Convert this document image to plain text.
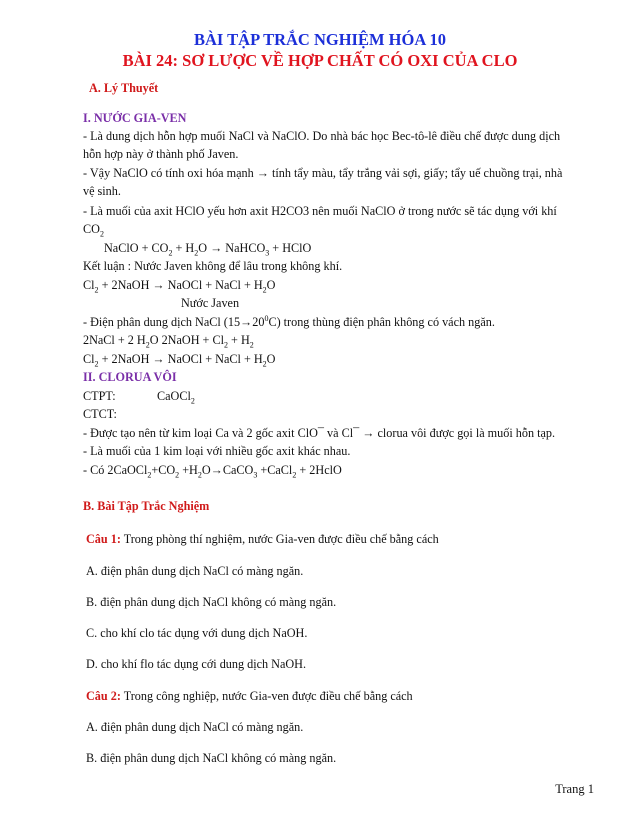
BÀI TẬP TRẮC NGHIỆM HÓA 10
BÀI 24: SƠ LƯỢC VỀ HỢP CHẤT CÓ OXI CỦA CLO
A. Lý Thuyết
I. NƯỚC GIA-VEN
- Là dung dịch hỗn hợp muối NaCl và NaClO. Do nhà bác học Bec-tô-lê điều chế được dung dịch
hỗn hợp này ở thành phố Javen.
- Vậy NaClO có tính oxi hóa mạnh → tính tẩy màu, tẩy trắng vải sợi, giấy; tẩy uế chuồng trại, nhà
vệ sinh.
- Là muối của axit HClO yếu hơn axit H2CO3 nên muối NaClO ở trong nước sẽ tác dụng với khí
$CO_2$
NaClO + $CO_2 + H_2O$ → NaHCO$_3$ + HClO
Kết luận : Nước Javen không để lâu trong không khí.
$Cl_2$ + 2NaOH → NaOCl + NaCl + $H_2O$
Nước Javen
- Điện phân dung dịch NaCl $(15\to 20^0C)$ trong thùng điện phân không có vách ngăn.
2NaCl + 2 $H_2O$ 2NaOH + $Cl_2 + H_2$
$Cl_2$ + 2NaOH → NaOCl + NaCl + $H_2O$
II. CLORUA VÔI
CTPT:	CaOCl$_2$
CTCT:
- Được tạo nên từ kim loại Ca và 2 gốc axit ClO¯ và Cl¯ → clorua vôi được gọi là muối hỗn tạp.
- Là muối của 1 kim loại với nhiều gốc axit khác nhau.
- Có $2CaOCl_2+CO_2$ $+H_2O\to CaCO_3$ +CaCl$_2$ + 2HclO
B. Bài Tập Trắc Nghiệm
Câu 1: Trong phòng thí nghiệm, nước Gia-ven được điều chế bằng cách
A. điện phân dung dịch NaCl có màng ngăn.
B. điện phân dung dịch NaCl không có màng ngăn.
C. cho khí clo tác dụng với dung dịch NaOH.
D. cho khí flo tác dụng cới dung dịch NaOH.
Câu 2: Trong công nghiệp, nước Gia-ven được điều chế bằng cách
A. điện phân dung dịch NaCl có màng ngăn.
B. điện phân dung dịch NaCl không có màng ngăn.
Trang 1
